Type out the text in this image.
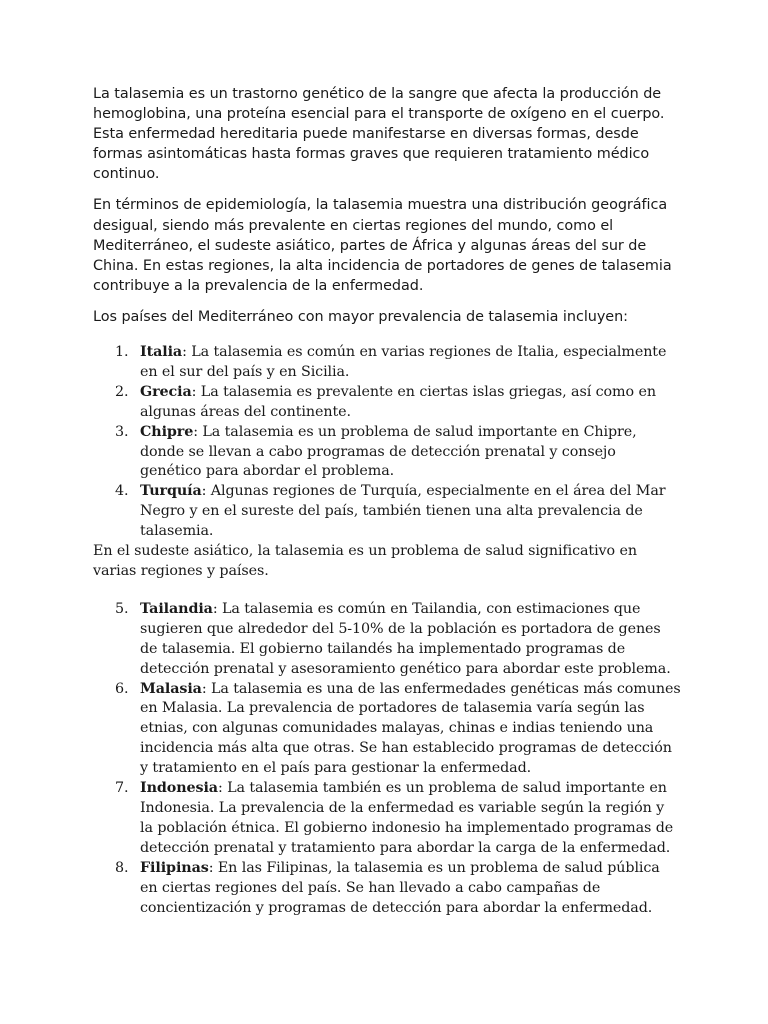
La talasemia es un trastorno genético de la sangre que afecta la producción de hemoglobina, una proteína esencial para el transporte de oxígeno en el cuerpo. Esta enfermedad hereditaria puede manifestarse en diversas formas, desde formas asintomáticas hasta formas graves que requieren tratamiento médico continuo.

En términos de epidemiología, la talasemia muestra una distribución geográfica desigual, siendo más prevalente en ciertas regiones del mundo, como el Mediterráneo, el sudeste asiático, partes de África y algunas áreas del sur de China. En estas regiones, la alta incidencia de portadores de genes de talasemia contribuye a la prevalencia de la enfermedad.

Los países del Mediterráneo con mayor prevalencia de talasemia incluyen:

1. Italia: La talasemia es común en varias regiones de Italia, especialmente en el sur del país y en Sicilia.
2. Grecia: La talasemia es prevalente en ciertas islas griegas, así como en algunas áreas del continente.
3. Chipre: La talasemia es un problema de salud importante en Chipre, donde se llevan a cabo programas de detección prenatal y consejo genético para abordar el problema.
4. Turquía: Algunas regiones de Turquía, especialmente en el área del Mar Negro y en el sureste del país, también tienen una alta prevalencia de talasemia.

En el sudeste asiático, la talasemia es un problema de salud significativo en varias regiones y países.

5. Tailandia: La talasemia es común en Tailandia, con estimaciones que sugieren que alrededor del 5-10% de la población es portadora de genes de talasemia. El gobierno tailandés ha implementado programas de detección prenatal y asesoramiento genético para abordar este problema.
6. Malasia: La talasemia es una de las enfermedades genéticas más comunes en Malasia. La prevalencia de portadores de talasemia varía según las etnias, con algunas comunidades malayas, chinas e indias teniendo una incidencia más alta que otras. Se han establecido programas de detección y tratamiento en el país para gestionar la enfermedad.
7. Indonesia: La talasemia también es un problema de salud importante en Indonesia. La prevalencia de la enfermedad es variable según la región y la población étnica. El gobierno indonesio ha implementado programas de detección prenatal y tratamiento para abordar la carga de la enfermedad.
8. Filipinas: En las Filipinas, la talasemia es un problema de salud pública en ciertas regiones del país. Se han llevado a cabo campañas de concientización y programas de detección para abordar la enfermedad.
